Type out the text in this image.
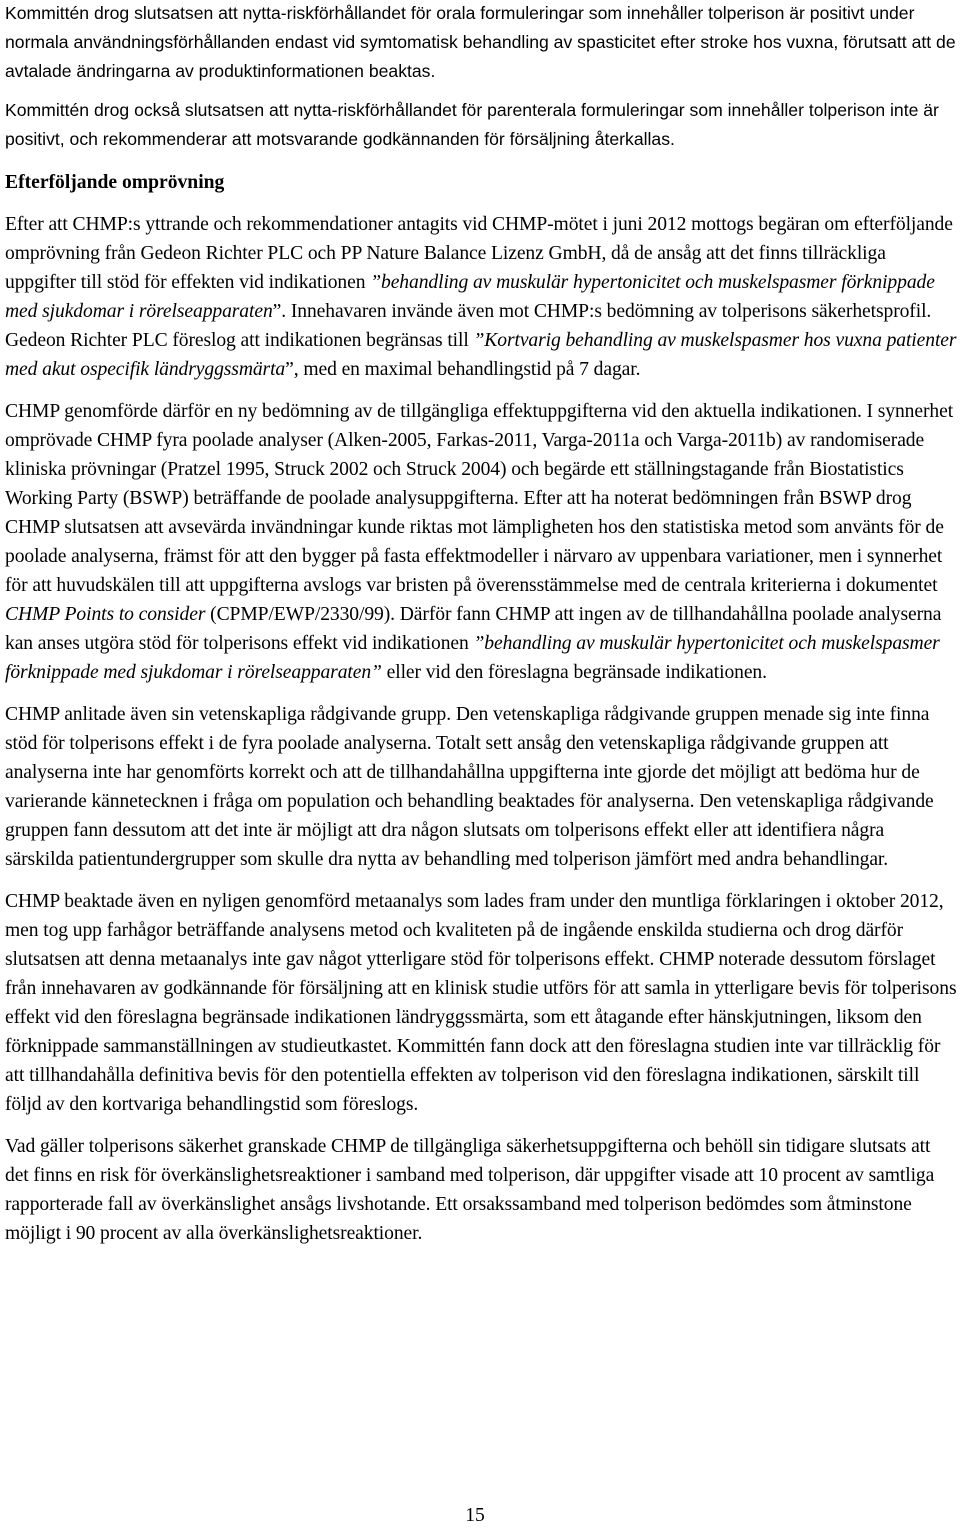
Kommittén drog slutsatsen att nytta-riskförhållandet för orala formuleringar som innehåller tolperison är positivt under normala användningsförhållanden endast vid symtomatisk behandling av spasticitet efter stroke hos vuxna, förutsatt att de avtalade ändringarna av produktinformationen beaktas.

Kommittén drog också slutsatsen att nytta-riskförhållandet för parenterala formuleringar som innehåller tolperison inte är positivt, och rekommenderar att motsvarande godkännanden för försäljning återkallas.

Efterföljande omprövning

Efter att CHMP:s yttrande och rekommendationer antagits vid CHMP-mötet i juni 2012 mottogs begäran om efterföljande omprövning från Gedeon Richter PLC och PP Nature Balance Lizenz GmbH, då de ansåg att det finns tillräckliga uppgifter till stöd för effekten vid indikationen ”behandling av muskulär hypertonicitet och muskelspasmer förknippade med sjukdomar i rörelseapparaten”. Innehavaren invände även mot CHMP:s bedömning av tolperisons säkerhetsprofil. Gedeon Richter PLC föreslog att indikationen begränsas till ”Kortvarig behandling av muskelspasmer hos vuxna patienter med akut ospecifik ländryggssmärta”, med en maximal behandlingstid på 7 dagar.

CHMP genomförde därför en ny bedömning av de tillgängliga effektuppgifterna vid den aktuella indikationen. I synnerhet omprövade CHMP fyra poolade analyser (Alken-2005, Farkas-2011, Varga-2011a och Varga-2011b) av randomiserade kliniska prövningar (Pratzel 1995, Struck 2002 och Struck 2004) och begärde ett ställningstagande från Biostatistics Working Party (BSWP) beträffande de poolade analysuppgifterna. Efter att ha noterat bedömningen från BSWP drog CHMP slutsatsen att avsevärda invändningar kunde riktas mot lämpligheten hos den statistiska metod som använts för de poolade analyserna, främst för att den bygger på fasta effektmodeller i närvaro av uppenbara variationer, men i synnerhet för att huvudskälen till att uppgifterna avslogs var bristen på överensstämmelse med de centrala kriterierna i dokumentet CHMP Points to consider (CPMP/EWP/2330/99). Därför fann CHMP att ingen av de tillhandahållna poolade analyserna kan anses utgöra stöd för tolperisons effekt vid indikationen ”behandling av muskulär hypertonicitet och muskelspasmer förknippade med sjukdomar i rörelseapparaten” eller vid den föreslagna begränsade indikationen.

CHMP anlitade även sin vetenskapliga rådgivande grupp. Den vetenskapliga rådgivande gruppen menade sig inte finna stöd för tolperisons effekt i de fyra poolade analyserna. Totalt sett ansåg den vetenskapliga rådgivande gruppen att analyserna inte har genomförts korrekt och att de tillhandahållna uppgifterna inte gjorde det möjligt att bedöma hur de varierande kännetecknen i fråga om population och behandling beaktades för analyserna. Den vetenskapliga rådgivande gruppen fann dessutom att det inte är möjligt att dra någon slutsats om tolperisons effekt eller att identifiera några särskilda patientundergrupper som skulle dra nytta av behandling med tolperison jämfört med andra behandlingar.

CHMP beaktade även en nyligen genomförd metaanalys som lades fram under den muntliga förklaringen i oktober 2012, men tog upp farhågor beträffande analysens metod och kvaliteten på de ingående enskilda studierna och drog därför slutsatsen att denna metaanalys inte gav något ytterligare stöd för tolperisons effekt. CHMP noterade dessutom förslaget från innehavaren av godkännande för försäljning att en klinisk studie utförs för att samla in ytterligare bevis för tolperisons effekt vid den föreslagna begränsade indikationen ländryggssmärta, som ett åtagande efter hänskjutningen, liksom den förknippade sammanställningen av studieutkastet. Kommittén fann dock att den föreslagna studien inte var tillräcklig för att tillhandahålla definitiva bevis för den potentiella effekten av tolperison vid den föreslagna indikationen, särskilt till följd av den kortvariga behandlingstid som föreslogs.

Vad gäller tolperisons säkerhet granskade CHMP de tillgängliga säkerhetsuppgifterna och behöll sin tidigare slutsats att det finns en risk för överkänslighetsreaktioner i samband med tolperison, där uppgifter visade att 10 procent av samtliga rapporterade fall av överkänslighet ansågs livshotande. Ett orsakssamband med tolperison bedömdes som åtminstone möjligt i 90 procent av alla överkänslighetsreaktioner.

15
